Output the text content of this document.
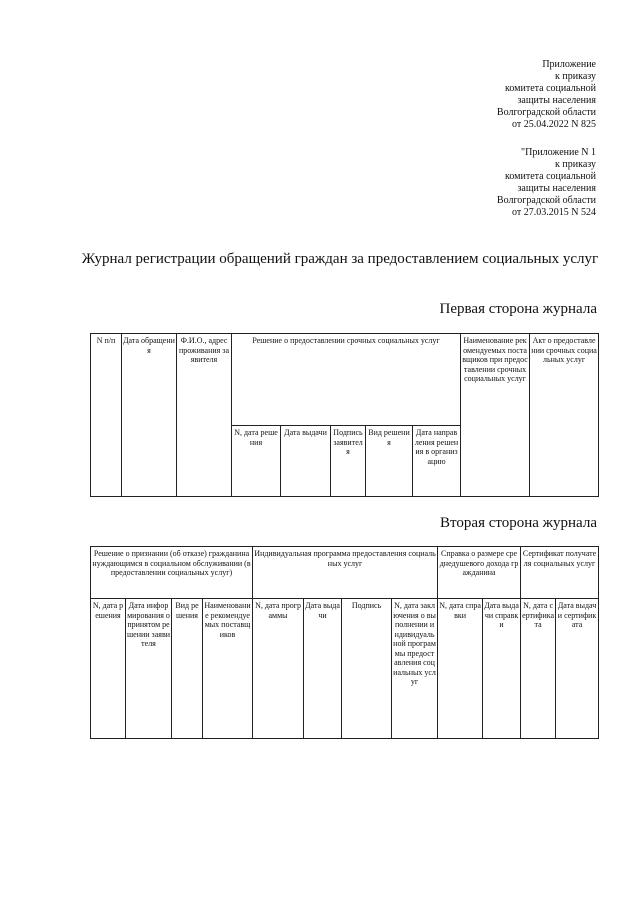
Приложение
к приказу
комитета социальной
защиты населения
Волгоградской области
от 25.04.2022 N 825
"Приложение N 1
к приказу
комитета социальной
защиты населения
Волгоградской области
от 27.03.2015 N 524
Журнал регистрации обращений граждан за предоставлением социальных услуг
Первая сторона журнала
N п/п	Дата обращения	Ф.И.О., адрес проживания заявителя	Решение о предоставлении срочных социальных услуг					Наименование рекомендуемых поставщиков при предоставлении срочных социальных услуг	Акт о предоставлении срочных социальных услуг
			N, дата решения	Дата выдачи	Подпись заявителя	Вид решения	Дата направления решения в организацию		
Вторая сторона журнала
Решение о признании (об отказе) гражданина нуждающимся в социальном обслуживании (в предоставлении социальных услуг)				Индивидуальная программа предоставления социальных услуг				Справка о размере среднедушевого дохода гражданина		Сертификат получателя социальных услуг	
N, дата решения	Дата информирования о принятом решении заявителя	Вид решения	Наименование рекомендуемых поставщиков	N, дата программы	Дата выдачи	Подпись	N, дата заключения о выполнении индивидуальной программы предоставления социальных услуг	N, дата справки	Дата выдачи справки	N, дата сертификата	Дата выдачи сертификата
